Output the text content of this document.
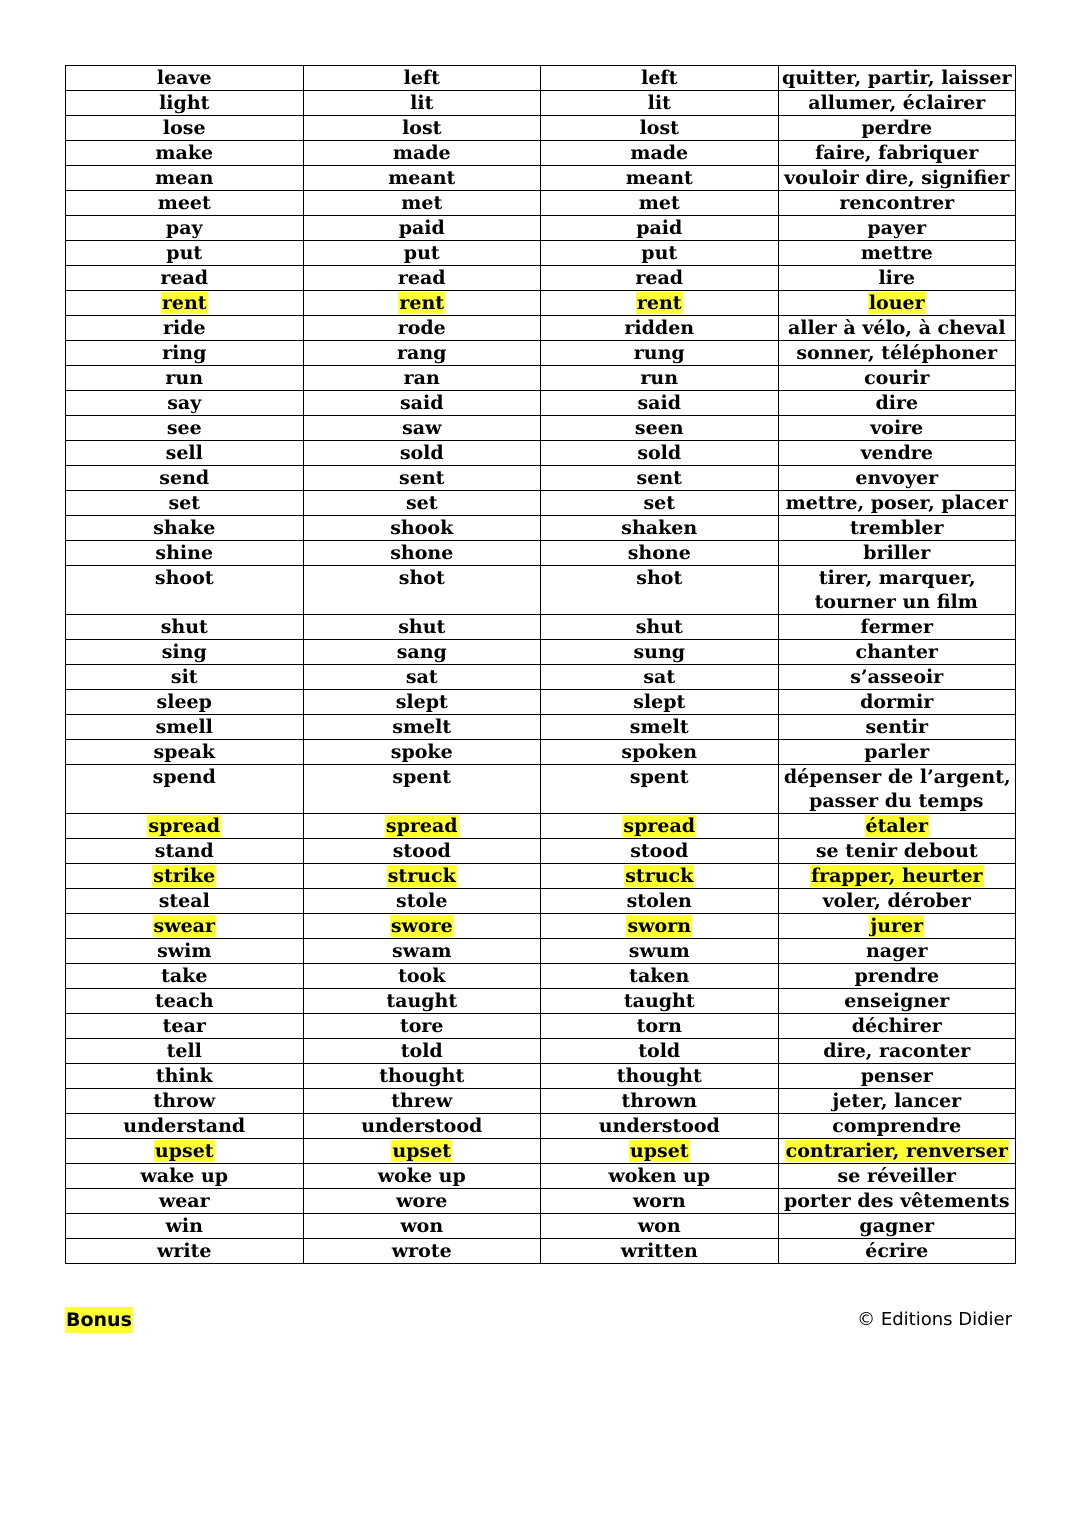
leave	left	left	quitter, partir, laisser
light	lit	lit	allumer, éclairer
lose	lost	lost	perdre
make	made	made	faire, fabriquer
mean	meant	meant	vouloir dire, signifier
meet	met	met	rencontrer
pay	paid	paid	payer
put	put	put	mettre
read	read	read	lire
rent	rent	rent	louer
ride	rode	ridden	aller à vélo, à cheval
ring	rang	rung	sonner, téléphoner
run	ran	run	courir
say	said	said	dire
see	saw	seen	voire
sell	sold	sold	vendre
send	sent	sent	envoyer
set	set	set	mettre, poser, placer
shake	shook	shaken	trembler
shine	shone	shone	briller
shoot	shot	shot	tirer, marquer, tourner un film
shut	shut	shut	fermer
sing	sang	sung	chanter
sit	sat	sat	s’asseoir
sleep	slept	slept	dormir
smell	smelt	smelt	sentir
speak	spoke	spoken	parler
spend	spent	spent	dépenser de l’argent, passer du temps
spread	spread	spread	étaler
stand	stood	stood	se tenir debout
strike	struck	struck	frapper, heurter
steal	stole	stolen	voler, dérober
swear	swore	sworn	jurer
swim	swam	swum	nager
take	took	taken	prendre
teach	taught	taught	enseigner
tear	tore	torn	déchirer
tell	told	told	dire, raconter
think	thought	thought	penser
throw	threw	thrown	jeter, lancer
understand	understood	understood	comprendre
upset	upset	upset	contrarier, renverser
wake up	woke up	woken up	se réveiller
wear	wore	worn	porter des vêtements
win	won	won	gagner
write	wrote	written	écrire
Bonus	© Editions Didier
